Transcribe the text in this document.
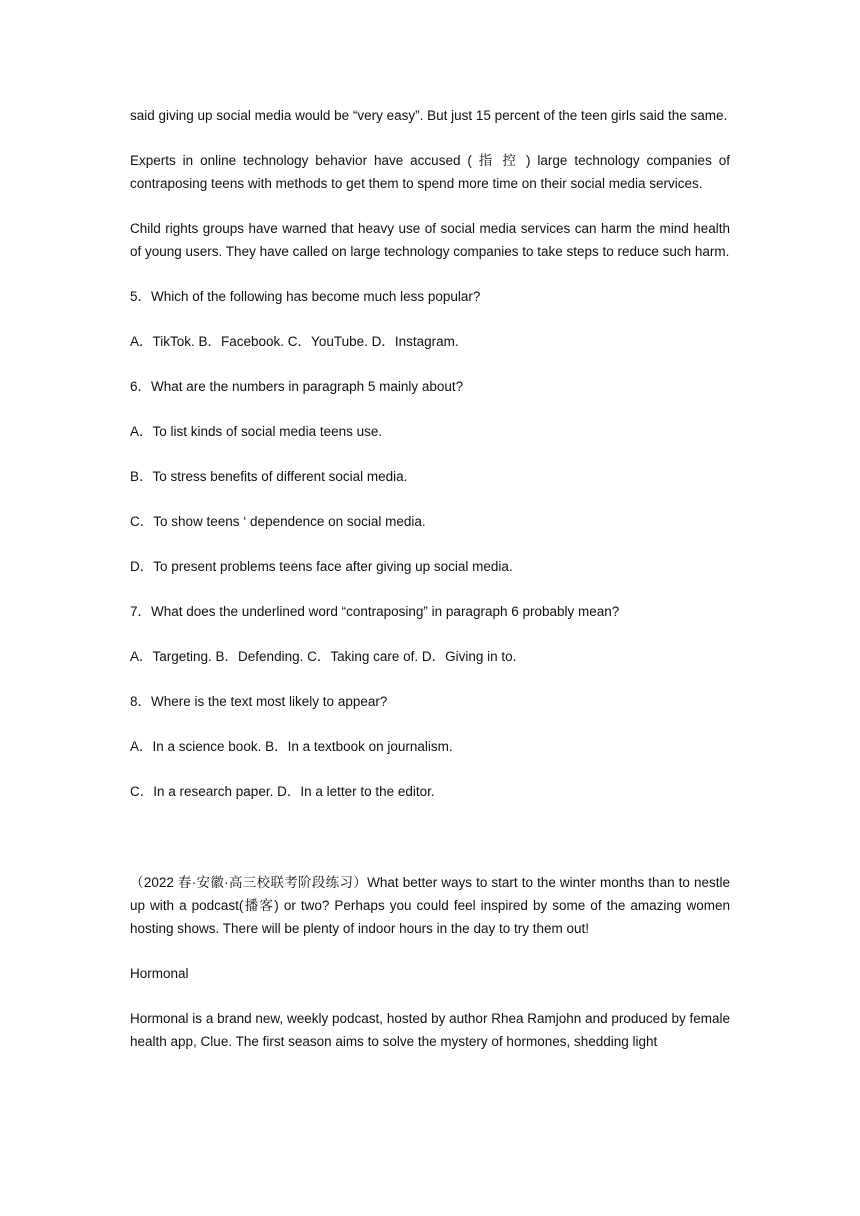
said giving up social media would be “very easy”. But just 15 percent of the teen girls said the same.

Experts in online technology behavior have accused ( 指 控 ) large technology companies of contraposing teens with methods to get them to spend more time on their social media services.

Child rights groups have warned that heavy use of social media services can harm the mind health of young users. They have called on large technology companies to take steps to reduce such harm.

5．Which of the following has become much less popular?

A．TikTok. B．Facebook. C．YouTube. D．Instagram.

6．What are the numbers in paragraph 5 mainly about?

A．To list kinds of social media teens use.

B．To stress benefits of different social media.

C．To show teens ‘ dependence on social media.

D．To present problems teens face after giving up social media.

7．What does the underlined word “contraposing” in paragraph 6 probably mean?

A．Targeting. B．Defending. C．Taking care of. D．Giving in to.

8．Where is the text most likely to appear?

A．In a science book. B．In a textbook on journalism.

C．In a research paper. D．In a letter to the editor.

（2022 春·安徽·高三校联考阶段练习）What better ways to start to the winter months than to nestle up with a podcast(播客) or two? Perhaps you could feel inspired by some of the amazing women hosting shows. There will be plenty of indoor hours in the day to try them out!

Hormonal

Hormonal is a brand new, weekly podcast, hosted by author Rhea Ramjohn and produced by female health app, Clue. The first season aims to solve the mystery of hormones, shedding light
